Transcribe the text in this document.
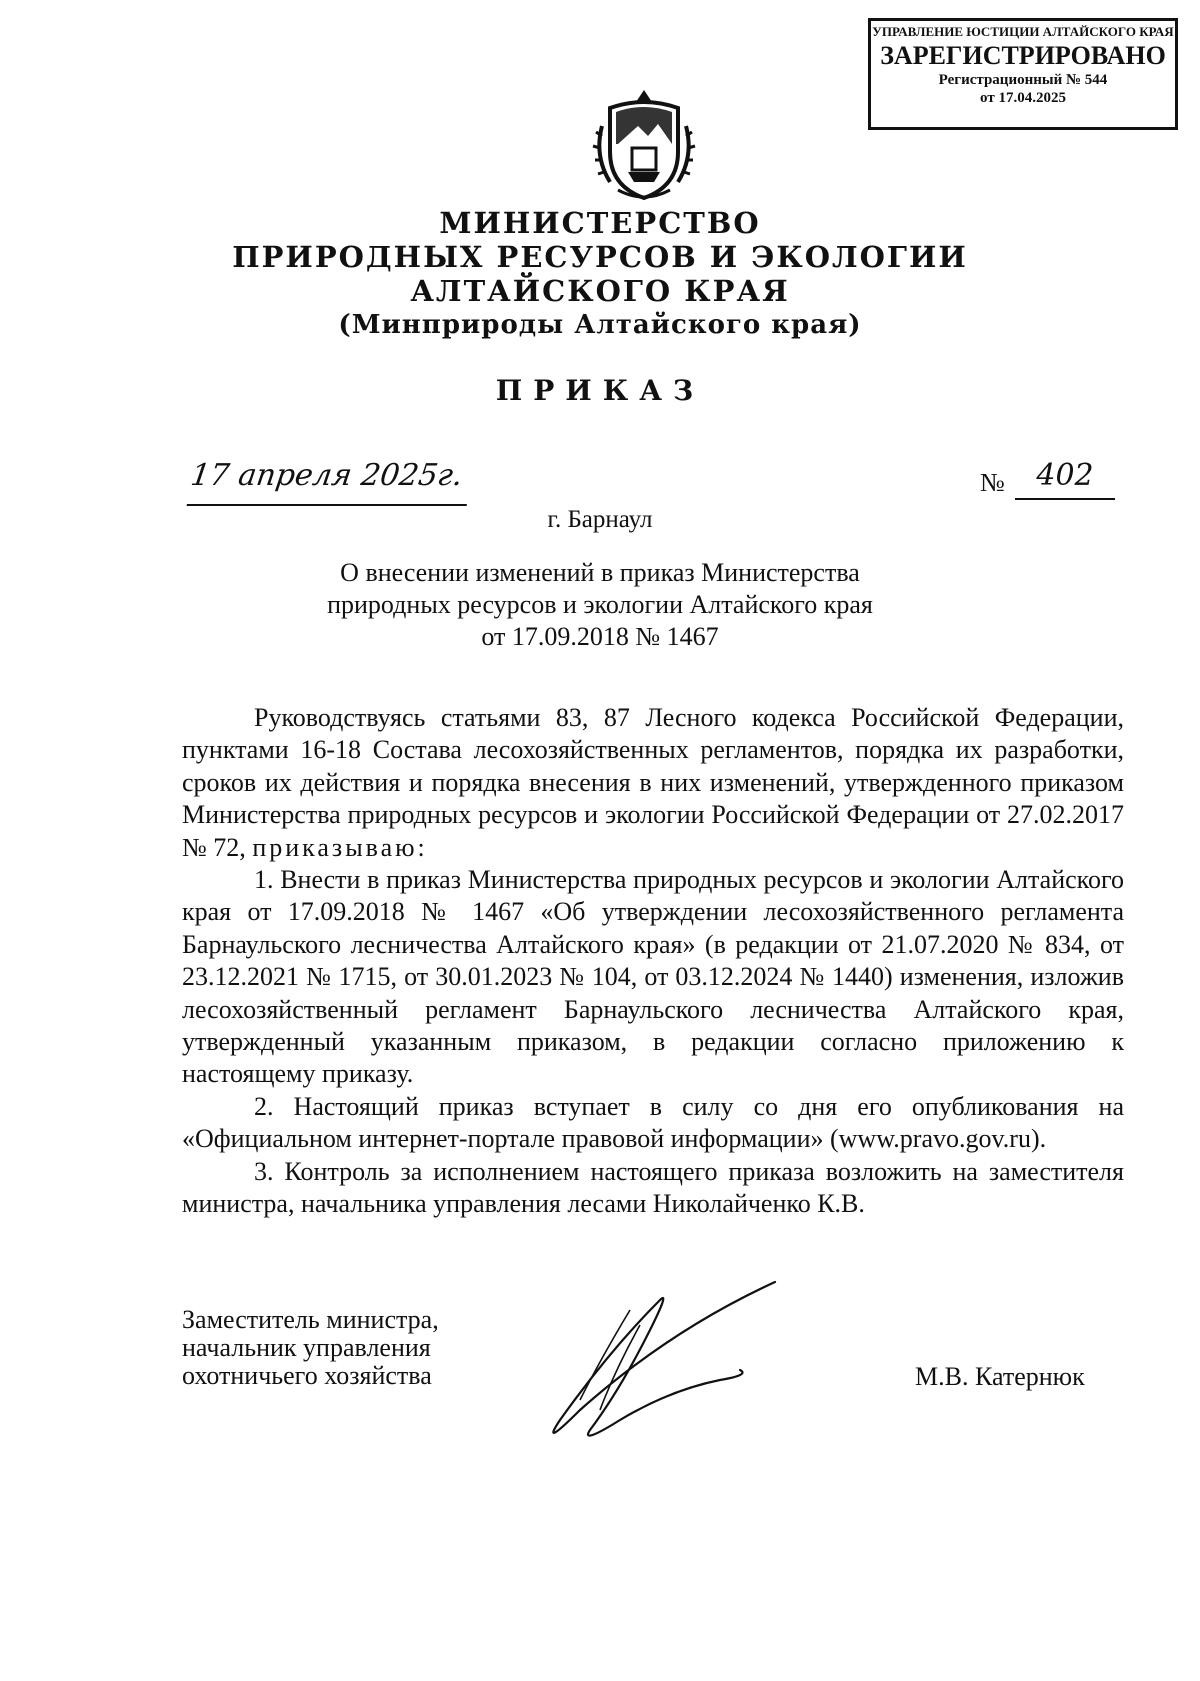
УПРАВЛЕНИЕ ЮСТИЦИИ АЛТАЙСКОГО КРАЯ
ЗАРЕГИСТРИРОВАНО
Регистрационный № 544
от 17.04.2025
МИНИСТЕРСТВО
ПРИРОДНЫХ РЕСУРСОВ И ЭКОЛОГИИ
АЛТАЙСКОГО КРАЯ
(Минприроды Алтайского края)
ПРИКАЗ
17 апреля 2025г.	№	402
г. Барнаул
О внесении изменений в приказ Министерства
природных ресурсов и экологии Алтайского края
от 17.09.2018 № 1467

Руководствуясь статьями 83, 87 Лесного кодекса Российской Федерации, пунктами 16-18 Состава лесохозяйственных регламентов, порядка их разработки, сроков их действия и порядка внесения в них изменений, утвержденного приказом Министерства природных ресурсов и экологии Российской Федерации от 27.02.2017 № 72, приказываю:

1. Внести в приказ Министерства природных ресурсов и экологии Алтайского края от 17.09.2018 № 1467 «Об утверждении лесохозяйственного регламента Барнаульского лесничества Алтайского края» (в редакции от 21.07.2020 № 834, от 23.12.2021 № 1715, от 30.01.2023 № 104, от 03.12.2024 № 1440) изменения, изложив лесохозяйственный регламент Барнаульского лесничества Алтайского края, утвержденный указанным приказом, в редакции согласно приложению к настоящему приказу.

2. Настоящий приказ вступает в силу со дня его опубликования на «Официальном интернет-портале правовой информации» (www.pravo.gov.ru).

3. Контроль за исполнением настоящего приказа возложить на заместителя министра, начальника управления лесами Николайченко К.В.

Заместитель министра,
начальник управления
охотничьего хозяйства	М.В. Катернюк
